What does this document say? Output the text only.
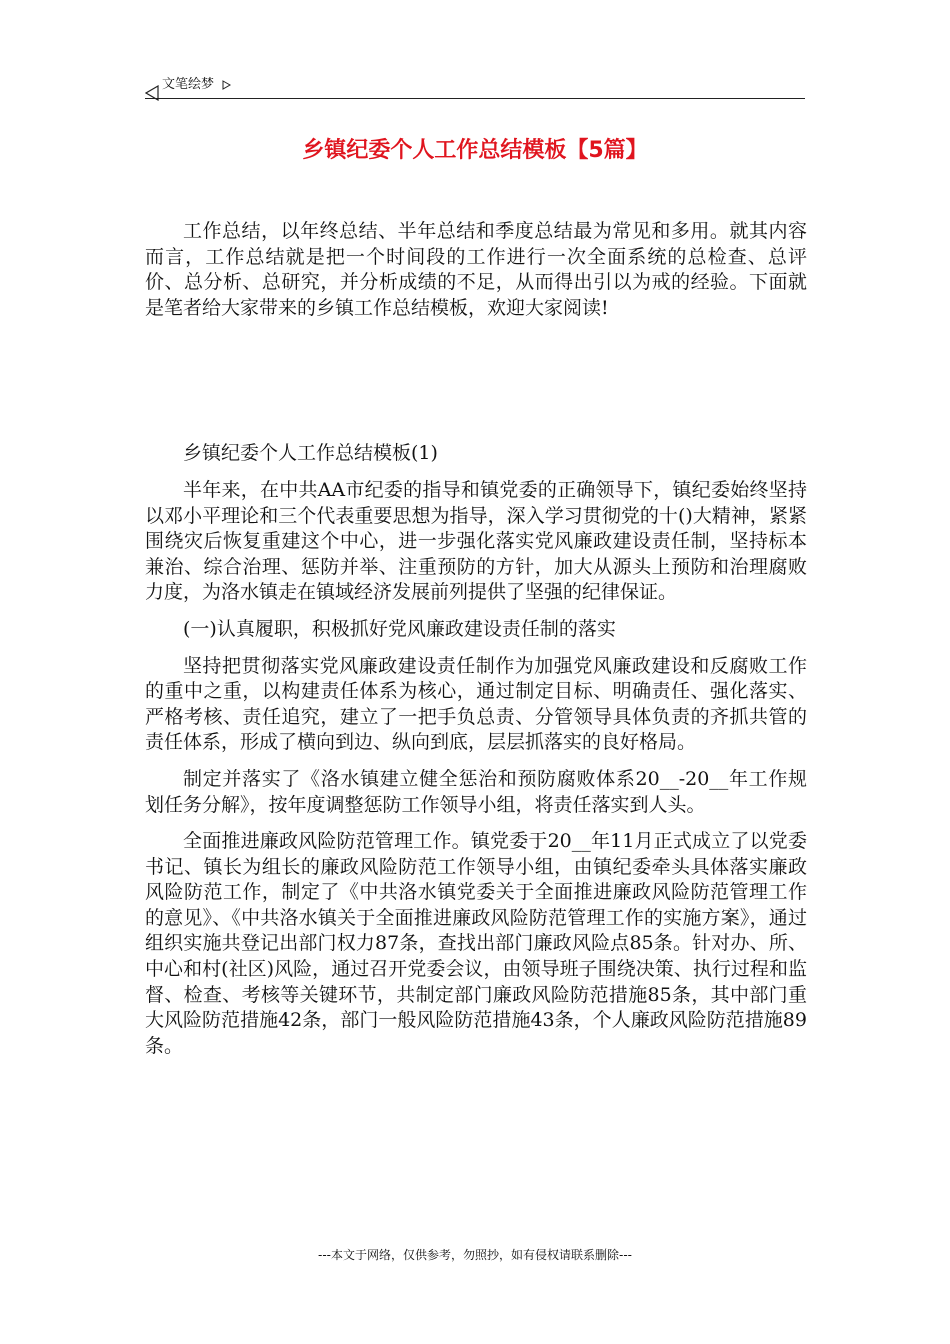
文笔绘梦
乡镇纪委个人工作总结模板【5篇】

工作总结，以年终总结、半年总结和季度总结最为常见和多用。就其内容而言，工作总结就是把一个时间段的工作进行一次全面系统的总检查、总评价、总分析、总研究，并分析成绩的不足，从而得出引以为戒的经验。下面就是笔者给大家带来的乡镇工作总结模板，欢迎大家阅读!

乡镇纪委个人工作总结模板(1)

半年来，在中共AA市纪委的指导和镇党委的正确领导下，镇纪委始终坚持以邓小平理论和三个代表重要思想为指导，深入学习贯彻党的十()大精神，紧紧围绕灾后恢复重建这个中心，进一步强化落实党风廉政建设责任制，坚持标本兼治、综合治理、惩防并举、注重预防的方针，加大从源头上预防和治理腐败力度，为洛水镇走在镇域经济发展前列提供了坚强的纪律保证。

(一)认真履职，积极抓好党风廉政建设责任制的落实

坚持把贯彻落实党风廉政建设责任制作为加强党风廉政建设和反腐败工作的重中之重，以构建责任体系为核心，通过制定目标、明确责任、强化落实、严格考核、责任追究，建立了一把手负总责、分管领导具体负责的齐抓共管的责任体系，形成了横向到边、纵向到底，层层抓落实的良好格局。

制定并落实了《洛水镇建立健全惩治和预防腐败体系20__-20__年工作规划任务分解》，按年度调整惩防工作领导小组，将责任落实到人头。

全面推进廉政风险防范管理工作。镇党委于20__年11月正式成立了以党委书记、镇长为组长的廉政风险防范工作领导小组，由镇纪委牵头具体落实廉政风险防范工作，制定了《中共洛水镇党委关于全面推进廉政风险防范管理工作的意见》、《中共洛水镇关于全面推进廉政风险防范管理工作的实施方案》，通过组织实施共登记出部门权力87条，查找出部门廉政风险点85条。针对办、所、中心和村(社区)风险，通过召开党委会议，由领导班子围绕决策、执行过程和监督、检查、考核等关键环节，共制定部门廉政风险防范措施85条，其中部门重大风险防范措施42条，部门一般风险防范措施43条，个人廉政风险防范措施89条。

---本文于网络，仅供参考，勿照抄，如有侵权请联系删除---
